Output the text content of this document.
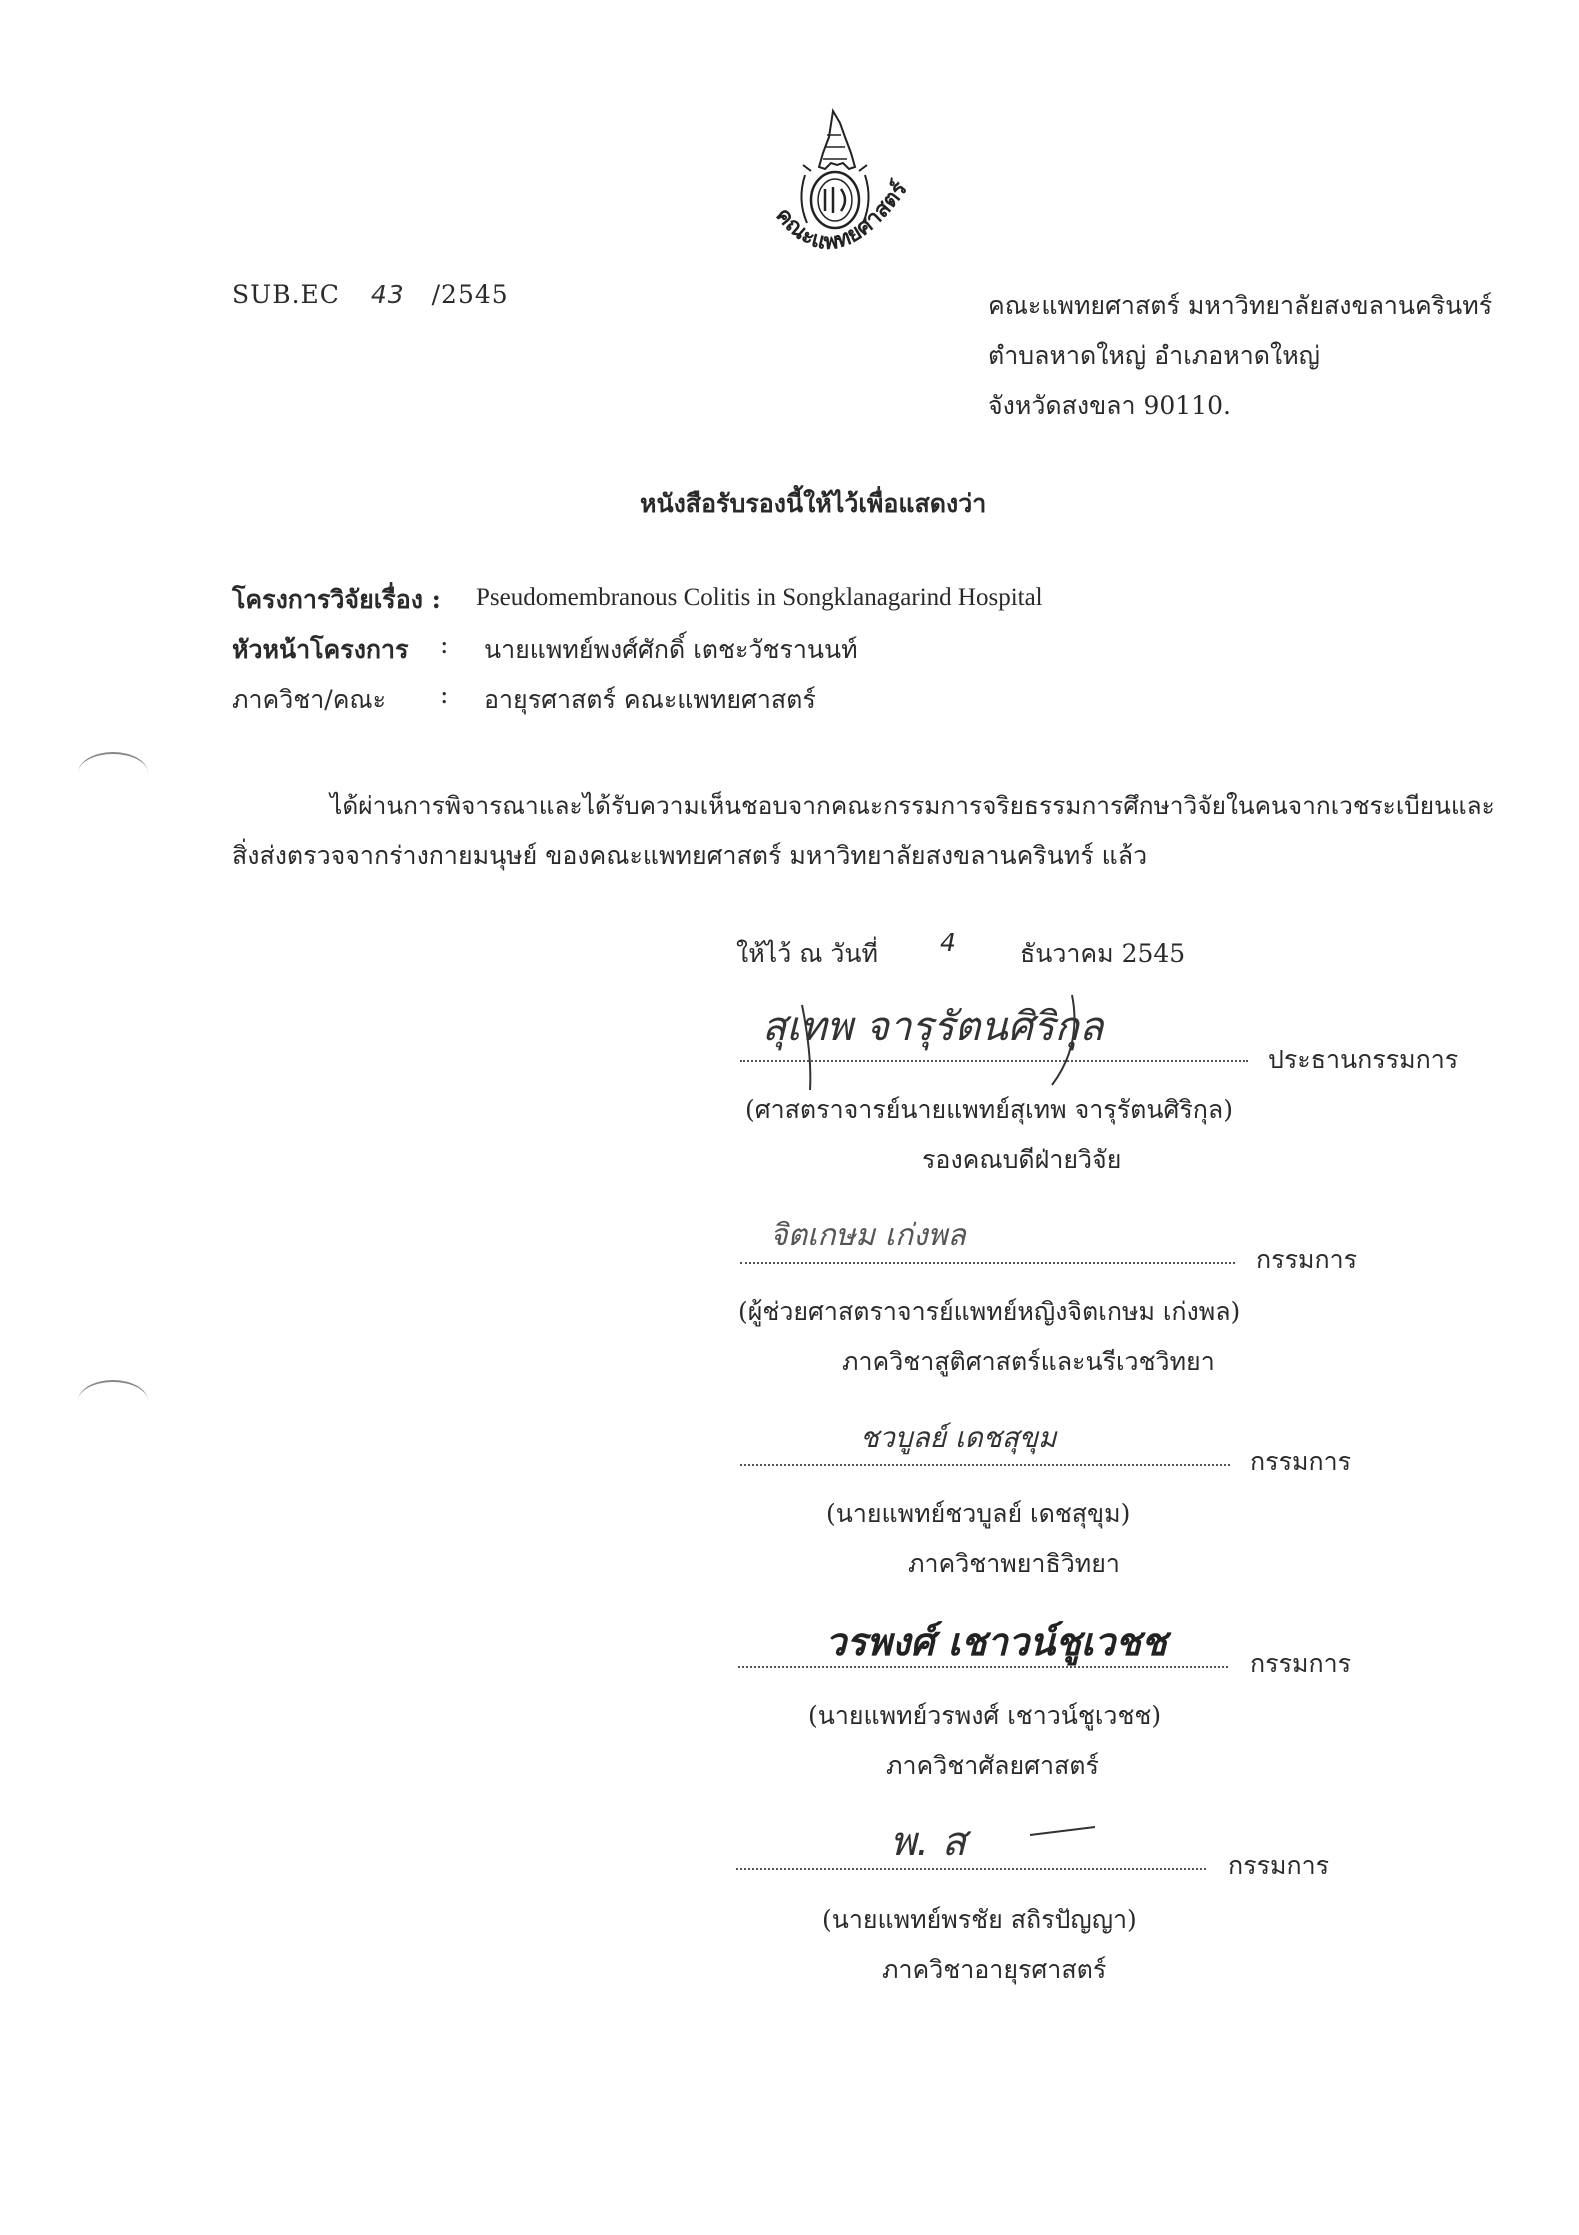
คณะแพทยศาสตร์
SUB.EC 43 /2545	คณะแพทยศาสตร์ มหาวิทยาลัยสงขลานครินทร์
ตำบลหาดใหญ่ อำเภอหาดใหญ่
จังหวัดสงขลา 90110.
หนังสือรับรองนี้ให้ไว้เพื่อแสดงว่า
โครงการวิจัยเรื่อง : Pseudomembranous Colitis in Songklanagarind Hospital
หัวหน้าโครงการ : นายแพทย์พงศ์ศักดิ์ เตชะวัชรานนท์
ภาควิชา/คณะ : อายุรศาสตร์ คณะแพทยศาสตร์
ได้ผ่านการพิจารณาและได้รับความเห็นชอบจากคณะกรรมการจริยธรรมการศึกษาวิจัยในคนจากเวชระเบียนและ
สิ่งส่งตรวจจากร่างกายมนุษย์ ของคณะแพทยศาสตร์ มหาวิทยาลัยสงขลานครินทร์ แล้ว
ให้ไว้ ณ วันที่ 4	ธันวาคม 2545
สุเทพ จารุรัตนศิริกุล
ประธานกรรมการ
(ศาสตราจารย์นายแพทย์สุเทพ จารุรัตนศิริกุล)
รองคณบดีฝ่ายวิจัย
จิตเกษม เก่งพล
กรรมการ
(ผู้ช่วยศาสตราจารย์แพทย์หญิงจิตเกษม เก่งพล)
ภาควิชาสูติศาสตร์และนรีเวชวิทยา
ชวบูลย์ เดชสุขุม
กรรมการ
(นายแพทย์ชวบูลย์ เดชสุขุม)
ภาควิชาพยาธิวิทยา
วรพงศ์ เชาวน์ชูเวชช	กรรมการ
(นายแพทย์วรพงศ์ เชาวน์ชูเวชช)
ภาควิชาศัลยศาสตร์
พ. ส
กรรมการ
(นายแพทย์พรชัย สถิรปัญญา)
ภาควิชาอายุรศาสตร์
